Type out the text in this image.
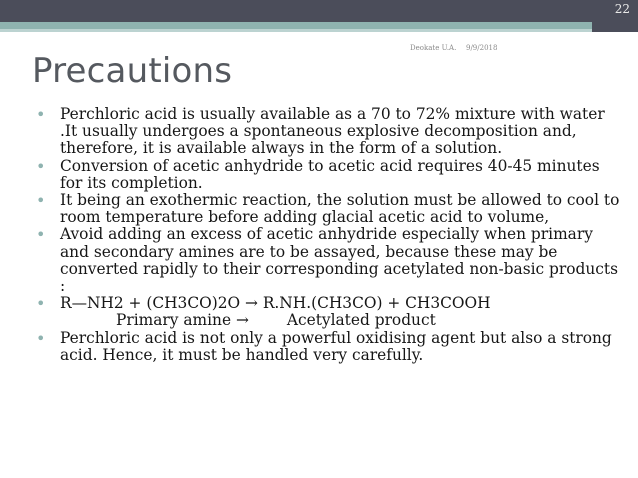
22
Deokate U.A. 9/9/2018
Precautions
• Perchloric acid is usually available as a 70 to 72% mixture with water .It usually undergoes a spontaneous explosive decomposition and, therefore, it is available always in the form of a solution.
• Conversion of acetic anhydride to acetic acid requires 40-45 minutes for its completion.
• It being an exothermic reaction, the solution must be allowed to cool to room temperature before adding glacial acetic acid to volume,
• Avoid adding an excess of acetic anhydride especially when primary and secondary amines are to be assayed, because these may be converted rapidly to their corresponding acetylated non-basic products :
• R—NH2 + (CH3CO)2O → R.NH.(CH3CO) + CH3COOH
Primary amine → Acetylated product
• Perchloric acid is not only a powerful oxidising agent but also a strong acid. Hence, it must be handled very carefully.
